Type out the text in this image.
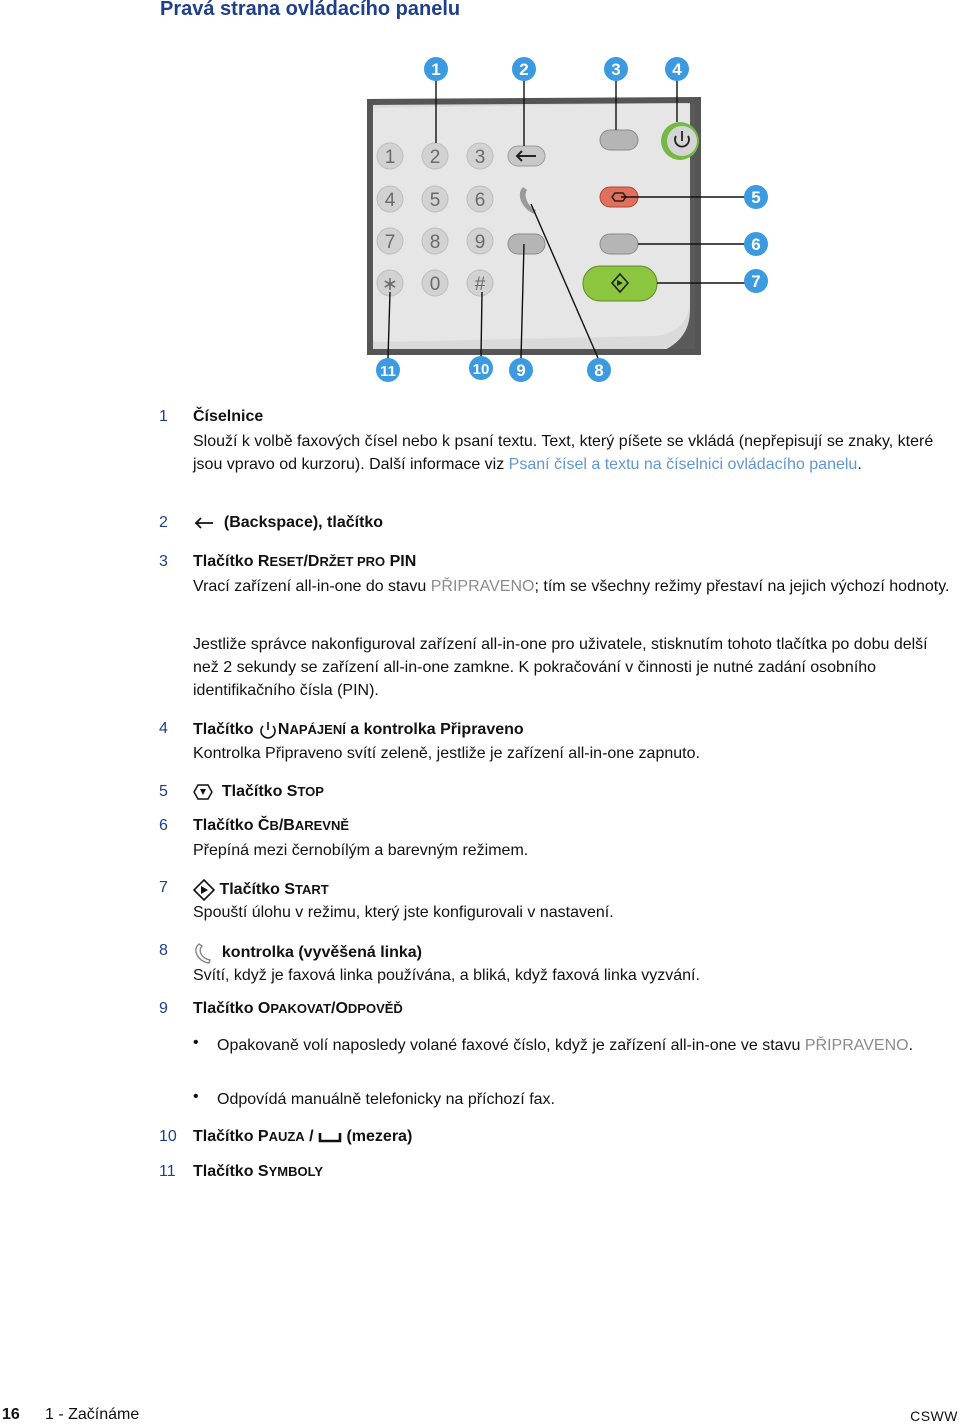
Pravá strana ovládacího panelu
1 2 3
4 5 6
7 8 9
∗ 0 #
1	2	3	4
5
6
7
8
9
10
11
1 Číselnice
Slouží k volbě faxových čísel nebo k psaní textu. Text, který píšete se vkládá (nepřepisují se znaky, které jsou vpravo od kurzoru). Další informace viz Psaní čísel a textu na číselnici ovládacího panelu.
2	(Backspace), tlačítko
3 Tlačítko RESET/DRŽET PRO PIN
Vrací zařízení all-in-one do stavu PŘIPRAVENO; tím se všechny režimy přestaví na jejich výchozí hodnoty.
Jestliže správce nakonfiguroval zařízení all-in-one pro uživatele, stisknutím tohoto tlačítka po dobu delší než 2 sekundy se zařízení all-in-one zamkne. K pokračování v činnosti je nutné zadání osobního identifikačního čísla (PIN).
4 Tlačítko NAPÁJENÍ a kontrolka Připraveno
Kontrolka Připraveno svítí zeleně, jestliže je zařízení all-in-one zapnuto.
5	Tlačítko STOP
6 Tlačítko ČB/BAREVNĚ
Přepíná mezi černobílým a barevným režimem.
7	Tlačítko START
Spouští úlohu v režimu, který jste konfigurovali v nastavení.
8	kontrolka (vyvěšená linka)
Svítí, když je faxová linka používána, a bliká, když faxová linka vyzvání.
9 Tlačítko OPAKOVAT/ODPOVĚĎ
• Opakovaně volí naposledy volané faxové číslo, když je zařízení all-in-one ve stavu PŘIPRAVENO.
• Odpovídá manuálně telefonicky na příchozí fax.
10 Tlačítko PAUZA /  (mezera)
11 Tlačítko SYMBOLY
16 1 - Začínáme	CSWW
